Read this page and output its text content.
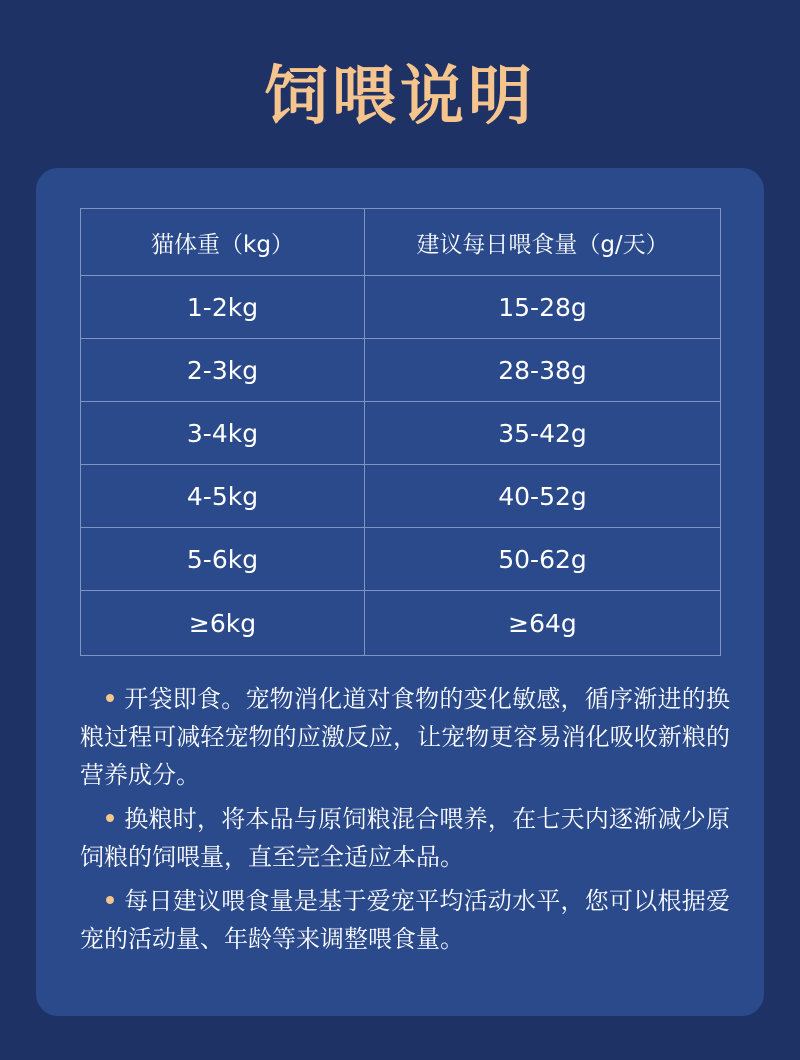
饲喂说明
猫体重（kg）	建议每日喂食量（g/天）
1-2kg	15-28g
2-3kg	28-38g
3-4kg	35-42g
4-5kg	40-52g
5-6kg	50-62g
≥6kg	≥64g

开袋即食。宠物消化道对食物的变化敏感，循序渐进的换粮过程可减轻宠物的应激反应，让宠物更容易消化吸收新粮的营养成分。

换粮时，将本品与原饲粮混合喂养，在七天内逐渐减少原饲粮的饲喂量，直至完全适应本品。

每日建议喂食量是基于爱宠平均活动水平，您可以根据爱宠的活动量、年龄等来调整喂食量。
